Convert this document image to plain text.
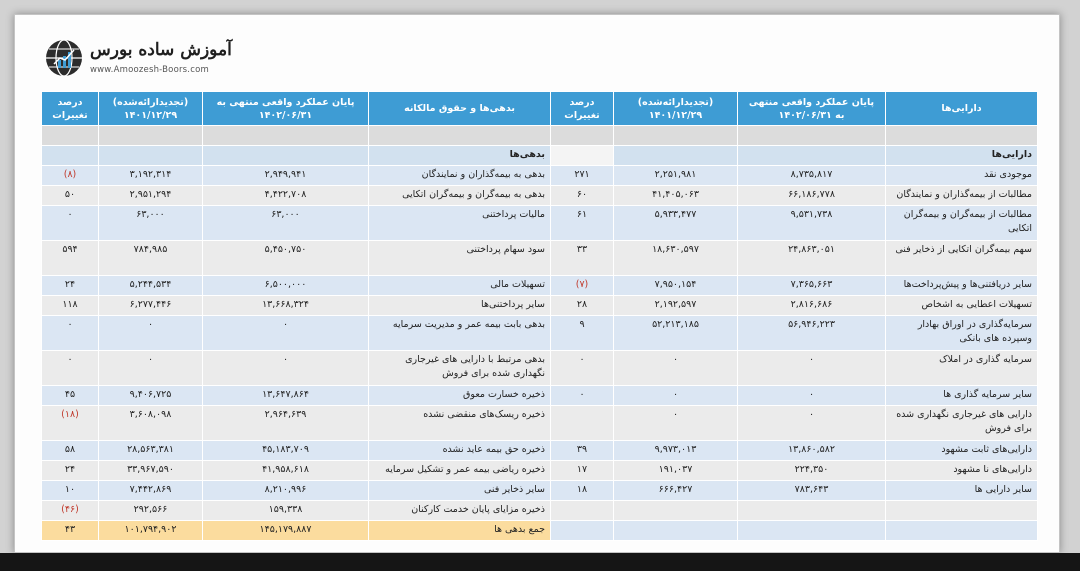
آموزش ساده بورس
www.Amoozesh-Boors.com
دارایی‌ها	پایان عملکرد واقعی منتهی به ۱۴۰۲/۰۶/۳۱	(تجدیدارائه‌شده) ۱۴۰۱/۱۲/۲۹	درصد تغییرات	بدهی‌ها و حقوق مالکانه	پایان عملکرد واقعی منتهی به ۱۴۰۲/۰۶/۳۱	(تجدیدارائه‌شده) ۱۴۰۱/۱۲/۲۹	درصد تغییرات

دارایی‌ها				بدهی‌ها			
موجودی نقد	۸,۷۳۵,۸۱۷	۲,۲۵۱,۹۸۱	۲۷۱	بدهی به بیمه‌گذاران و نمایندگان	۲,۹۴۹,۹۴۱	۳,۱۹۲,۳۱۴	(۸)
مطالبات از بیمه‌گذاران و نمایندگان	۶۶,۱۸۶,۷۷۸	۴۱,۴۰۵,۰۶۳	۶۰	بدهی به بیمه‌گران و بیمه‌گران اتکایی	۴,۴۲۲,۷۰۸	۲,۹۵۱,۲۹۴	۵۰
مطالبات از بیمه‌گران و بیمه‌گران اتکایی	۹,۵۳۱,۷۳۸	۵,۹۳۳,۴۷۷	۶۱	مالیات پرداختنی	۶۳,۰۰۰	۶۳,۰۰۰	۰
سهم بیمه‌گران اتکایی از ذخایر فنی	۲۴,۸۶۳,۰۵۱	۱۸,۶۳۰,۵۹۷	۳۳	سود سهام پرداختنی	۵,۴۵۰,۷۵۰	۷۸۴,۹۸۵	۵۹۴
سایر دریافتنی‌ها و پیش‌پرداخت‌ها	۷,۳۶۵,۶۶۳	۷,۹۵۰,۱۵۴	(۷)	تسهیلات مالی	۶,۵۰۰,۰۰۰	۵,۲۴۴,۵۳۴	۲۴
تسهیلات اعطایی به اشخاص	۲,۸۱۶,۶۸۶	۲,۱۹۲,۵۹۷	۲۸	سایر پرداختنی‌ها	۱۳,۶۶۸,۳۲۴	۶,۲۷۷,۴۴۶	۱۱۸
سرمایه‌گذاری در اوراق بهادار وسپرده های بانکی	۵۶,۹۴۶,۲۲۳	۵۲,۲۱۳,۱۸۵	۹	بدهی بابت بیمه عمر و مدیریت سرمایه	۰	۰	۰
سرمایه گذاری در املاک	۰	۰	۰	بدهی مرتبط با دارایی های غیرجاری نگهداری شده برای فروش	۰	۰	۰
سایر سرمایه گذاری ها	۰	۰	۰	ذخیره خسارت معوق	۱۳,۶۴۷,۸۶۴	۹,۴۰۶,۷۲۵	۴۵
دارایی های غیرجاری نگهداری شده برای فروش	۰	۰		ذخیره ریسک‌های منقضی نشده	۲,۹۶۴,۶۳۹	۳,۶۰۸,۰۹۸	(۱۸)
دارایی‌های ثابت مشهود	۱۳,۸۶۰,۵۸۲	۹,۹۷۳,۰۱۳	۳۹	ذخیره حق بیمه عاید نشده	۴۵,۱۸۳,۷۰۹	۲۸,۵۶۳,۳۸۱	۵۸
دارایی‌های نا مشهود	۲۲۴,۳۵۰	۱۹۱,۰۳۷	۱۷	ذخیره ریاضی بیمه عمر و تشکیل سرمایه	۴۱,۹۵۸,۶۱۸	۳۳,۹۶۷,۵۹۰	۲۴
سایر دارایی ها	۷۸۳,۶۴۳	۶۶۶,۴۲۷	۱۸	سایر ذخایر فنی	۸,۲۱۰,۹۹۶	۷,۴۴۲,۸۶۹	۱۰
				ذخیره مزایای پایان خدمت کارکنان	۱۵۹,۳۳۸	۲۹۲,۵۶۶	(۴۶)
				جمع بدهی ها	۱۴۵,۱۷۹,۸۸۷	۱۰۱,۷۹۴,۹۰۲	۴۳
